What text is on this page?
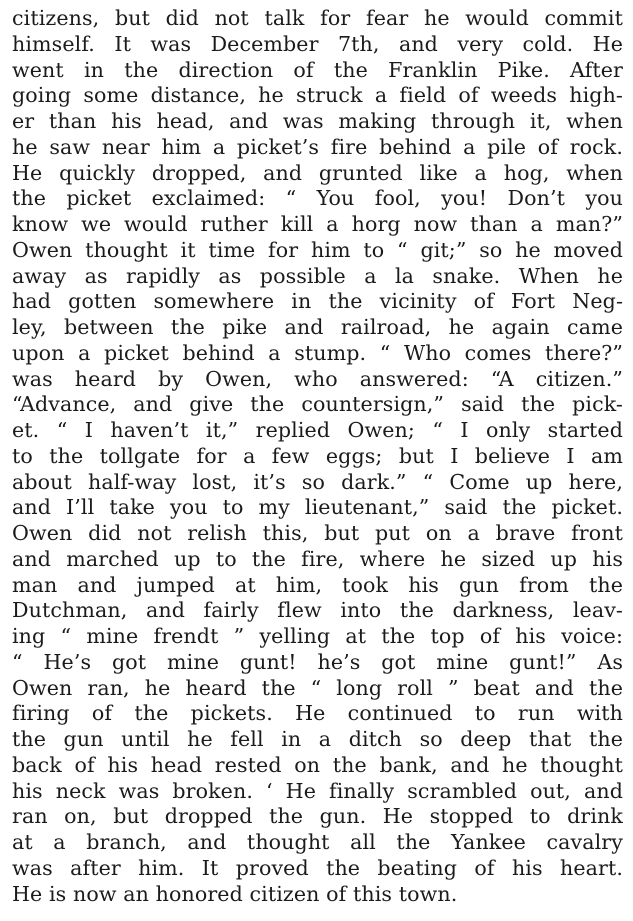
citizens, but did not talk for fear he would commit
himself. It was December 7th, and very cold. He
went in the direction of the Franklin Pike. After
going some distance, he struck a field of weeds high-
er than his head, and was making through it, when
he saw near him a picket’s fire behind a pile of rock.
He quickly dropped, and grunted like a hog, when
the picket exclaimed: “ You fool, you! Don’t you
know we would ruther kill a horg now than a man?”
Owen thought it time for him to “ git;” so he moved
away as rapidly as possible a la snake. When he
had gotten somewhere in the vicinity of Fort Neg-
ley, between the pike and railroad, he again came
upon a picket behind a stump. “ Who comes there?”
was heard by Owen, who answered: “A citizen.”
“Advance, and give the countersign,” said the pick-
et. “ I haven’t it,” replied Owen; “ I only started
to the tollgate for a few eggs; but I believe I am
about half-way lost, it’s so dark.” “ Come up here,
and I’ll take you to my lieutenant,” said the picket.
Owen did not relish this, but put on a brave front
and marched up to the fire, where he sized up his
man and jumped at him, took his gun from the
Dutchman, and fairly flew into the darkness, leav-
ing “ mine frendt ” yelling at the top of his voice:
“ He’s got mine gunt! he’s got mine gunt!” As
Owen ran, he heard the “ long roll ” beat and the
firing of the pickets. He continued to run with
the gun until he fell in a ditch so deep that the
back of his head rested on the bank, and he thought
his neck was broken. ‘ He finally scrambled out, and
ran on, but dropped the gun. He stopped to drink
at a branch, and thought all the Yankee cavalry
was after him. It proved the beating of his heart.
He is now an honored citizen of this town.
